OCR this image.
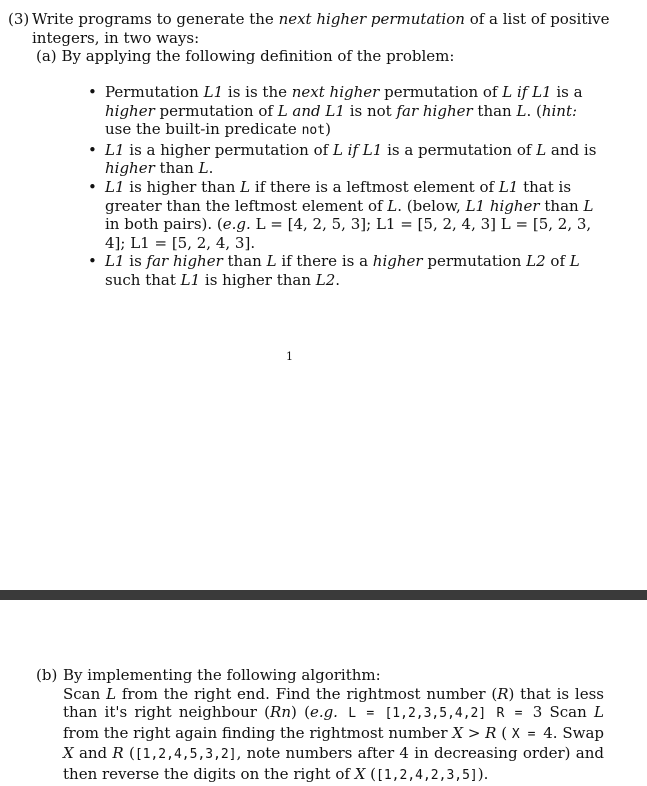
(3) Write programs to generate the next higher permutation of a list of positive integers, in two ways:
(a) By applying the following definition of the problem:
• Permutation L1 is is the next higher permutation of L if L1 is a higher permutation of L and L1 is not far higher than L. (hint: use the built-in predicate not)
• L1 is a higher permutation of L if L1 is a permutation of L and is higher than L.
• L1 is higher than L if there is a leftmost element of L1 that is greater than the leftmost element of L. (below, L1 higher than L in both pairs). (e.g. L = [4, 2, 5, 3]; L1 = [5, 2, 4, 3] L = [5, 2, 3, 4]; L1 = [5, 2, 4, 3].
• L1 is far higher than L if there is a higher permutation L2 of L such that L1 is higher than L2.
1
(b) By implementing the following algorithm:
Scan L from the right end. Find the rightmost number (R) that is less than it's right neighbour (Rn) (e.g. L = [1,2,3,5,4,2] R = 3 Scan L from the right again finding the rightmost number X > R ( X = 4. Swap X and R ([1,2,4,5,3,2], note numbers after 4 in decreasing order) and then reverse the digits on the right of X ([1,2,4,2,3,5]).
